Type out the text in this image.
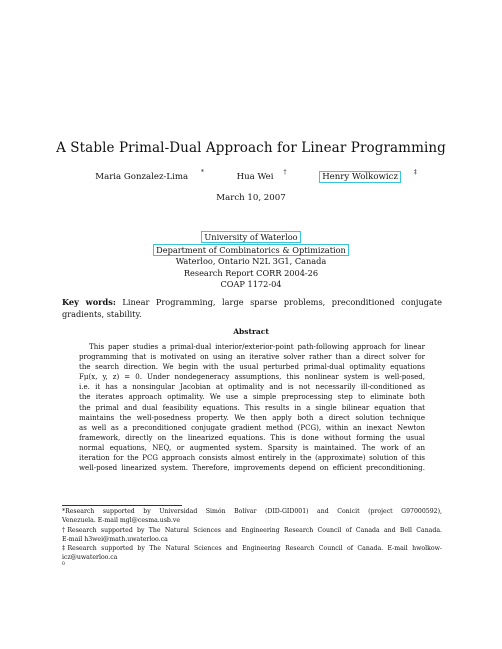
A Stable Primal-Dual Approach for Linear Programming
Maria Gonzalez-Lima *	Hua Wei †	Henry Wolkowicz	‡
March 10, 2007
University of Waterloo
Department of Combinatorics & Optimization
Waterloo, Ontario N2L 3G1, Canada
Research Report CORR 2004-26
COAP 1172-04
Key words: Linear Programming, large sparse problems, preconditioned conjugate gradients, stability.
Abstract
This paper studies a primal-dual interior/exterior-point path-following approach for linear
programming that is motivated on using an iterative solver rather than a direct solver for
the search direction. We begin with the usual perturbed primal-dual optimality equations
Fμ(x, y, z) = 0. Under nondegeneracy assumptions, this nonlinear system is well-posed,
i.e. it has a nonsingular Jacobian at optimality and is not necessarily ill-conditioned as
the iterates approach optimality. We use a simple preprocessing step to eliminate both
the primal and dual feasibility equations. This results in a single bilinear equation that
maintains the well-posedness property. We then apply both a direct solution technique
as well as a preconditioned conjugate gradient method (PCG), within an inexact Newton
framework, directly on the linearized equations. This is done without forming the usual
normal equations, NEQ, or augmented system. Sparsity is maintained. The work of an
iteration for the PCG approach consists almost entirely in the (approximate) solution of this
well-posed linearized system. Therefore, improvements depend on efficient preconditioning.
*Research supported by Universidad Simón Bolívar (DID-GID001) and Conicit (project G97000592),
Venezuela. E-mail mgl@cesma.usb.ve
†Research supported by The Natural Sciences and Engineering Research Council of Canada and Bell Canada.
E-mail h3wei@math.uwaterloo.ca
‡Research supported by The Natural Sciences and Engineering Research Council of Canada. E-mail hwolkow-
icz@uwaterloo.ca
0
